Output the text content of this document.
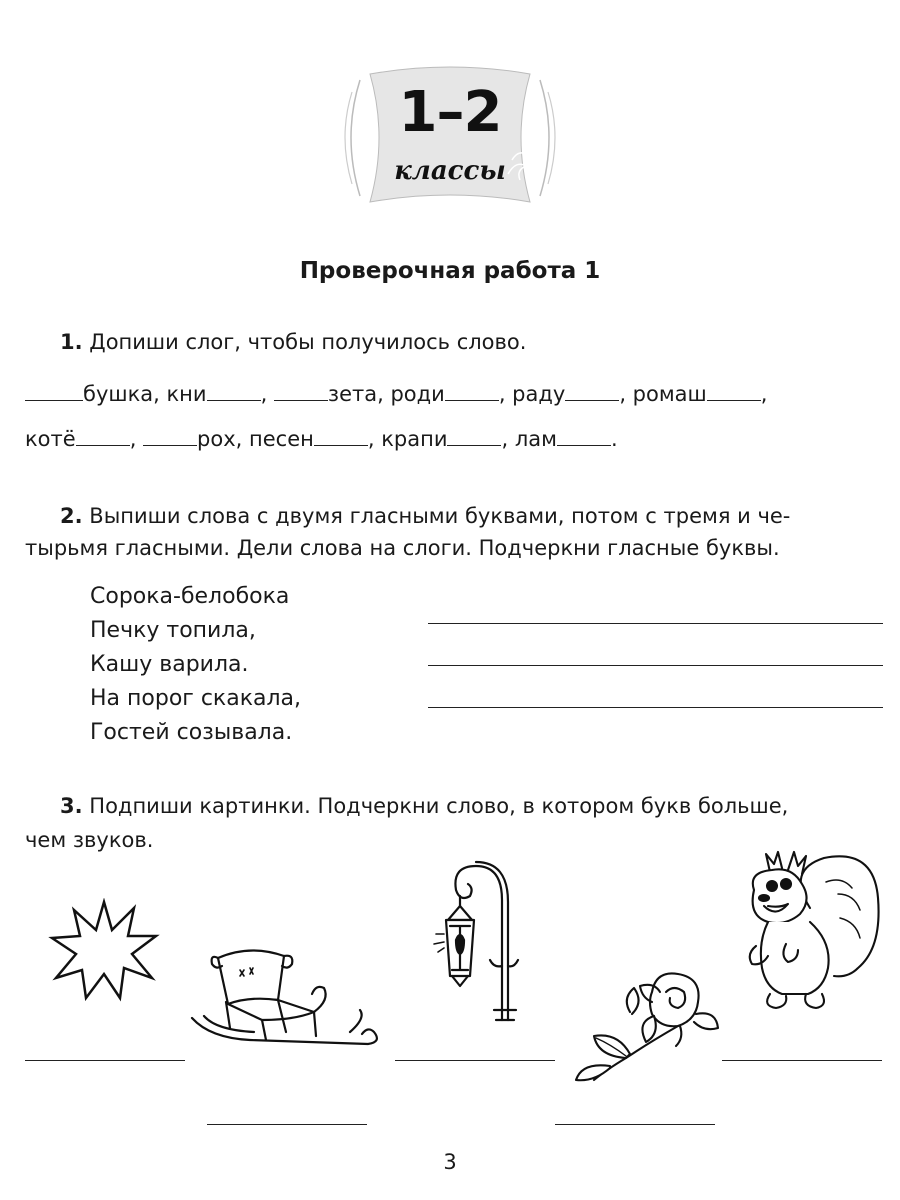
1–2
классы
Проверочная работа 1
1. Допиши слог, чтобы получилось слово.
бушка, кни	,	зета, роди	, раду	, ромаш	,
котё	,	рох, песен	, крапи	, лам	.
2. Выпиши слова с двумя гласными буквами, потом с тремя и че-
тырьмя гласными. Дели слова на слоги. Подчеркни гласные буквы.
Сорока-белобока
Печку топила,
Кашу варила.
На порог скакала,
Гостей созывала.
3. Подпиши картинки. Подчеркни слово, в котором букв больше,
чем звуков.
3
